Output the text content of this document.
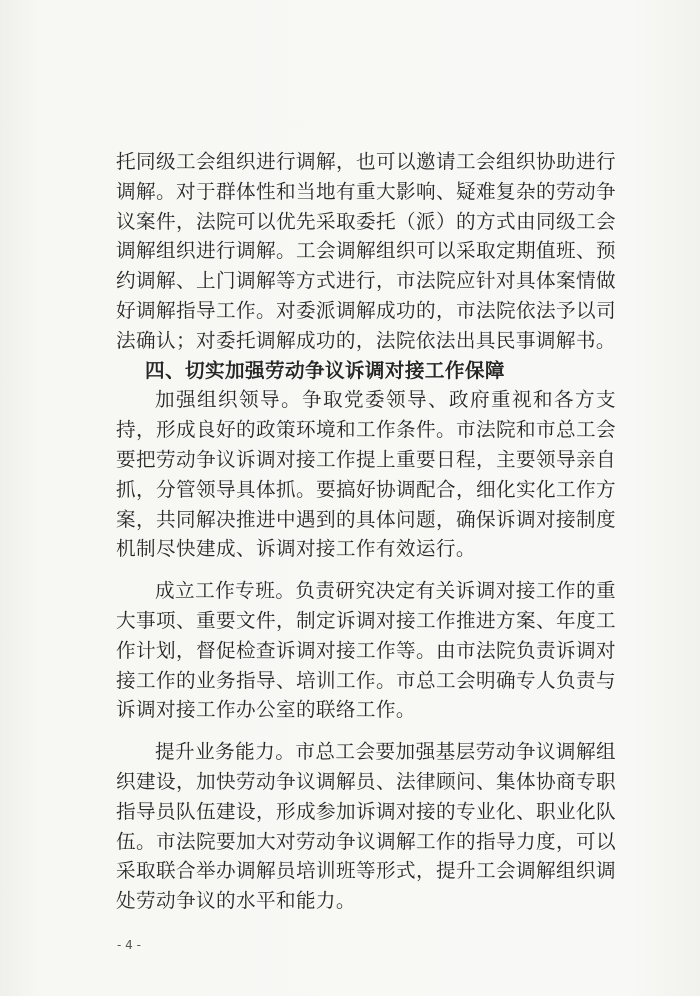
托同级工会组织进行调解，也可以邀请工会组织协助进行调解。对于群体性和当地有重大影响、疑难复杂的劳动争议案件，法院可以优先采取委托（派）的方式由同级工会调解组织进行调解。工会调解组织可以采取定期值班、预约调解、上门调解等方式进行，市法院应针对具体案情做好调解指导工作。对委派调解成功的，市法院依法予以司法确认；对委托调解成功的，法院依法出具民事调解书。

四、切实加强劳动争议诉调对接工作保障

加强组织领导。争取党委领导、政府重视和各方支持，形成良好的政策环境和工作条件。市法院和市总工会要把劳动争议诉调对接工作提上重要日程，主要领导亲自抓，分管领导具体抓。要搞好协调配合，细化实化工作方案，共同解决推进中遇到的具体问题，确保诉调对接制度机制尽快建成、诉调对接工作有效运行。

成立工作专班。负责研究决定有关诉调对接工作的重大事项、重要文件，制定诉调对接工作推进方案、年度工作计划，督促检查诉调对接工作等。由市法院负责诉调对接工作的业务指导、培训工作。市总工会明确专人负责与诉调对接工作办公室的联络工作。

提升业务能力。市总工会要加强基层劳动争议调解组织建设，加快劳动争议调解员、法律顾问、集体协商专职指导员队伍建设，形成参加诉调对接的专业化、职业化队伍。市法院要加大对劳动争议调解工作的指导力度，可以采取联合举办调解员培训班等形式，提升工会调解组织调处劳动争议的水平和能力。

- 4 -
